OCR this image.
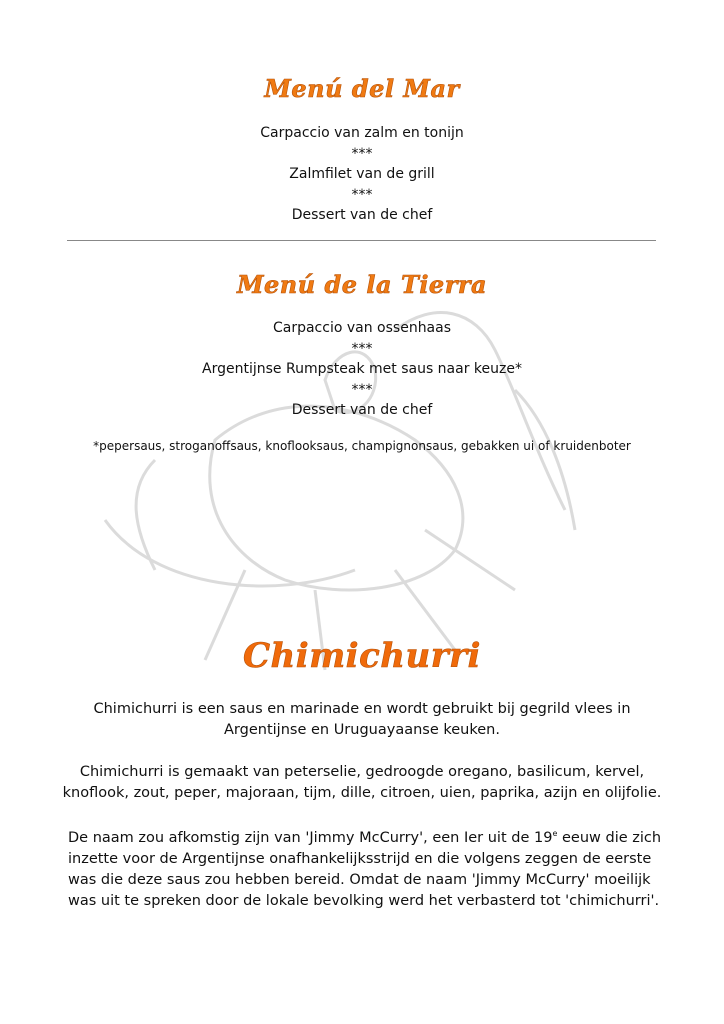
Menú del Mar
Carpaccio van zalm en tonijn
***
Zalmfilet van de grill
***
Dessert van de chef
Menú de la Tierra
Carpaccio van ossenhaas
***
Argentijnse Rumpsteak met saus naar keuze*
***
Dessert van de chef
*pepersaus, stroganoffsaus, knoflooksaus, champignonsaus, gebakken ui of kruidenboter
Chimichurri
Chimichurri is een saus en marinade en wordt gebruikt bij gegrild vlees in Argentijnse en Uruguayaanse keuken.
Chimichurri is gemaakt van peterselie, gedroogde oregano, basilicum, kervel, knoflook, zout, peper, majoraan, tijm, dille, citroen, uien, paprika, azijn en olijfolie.
De naam zou afkomstig zijn van 'Jimmy McCurry', een Ier uit de 19e eeuw die zich inzette voor de Argentijnse onafhankelijksstrijd en die volgens zeggen de eerste was die deze saus zou hebben bereid. Omdat de naam 'Jimmy McCurry' moeilijk was uit te spreken door de lokale bevolking werd het verbasterd tot 'chimichurri'.
